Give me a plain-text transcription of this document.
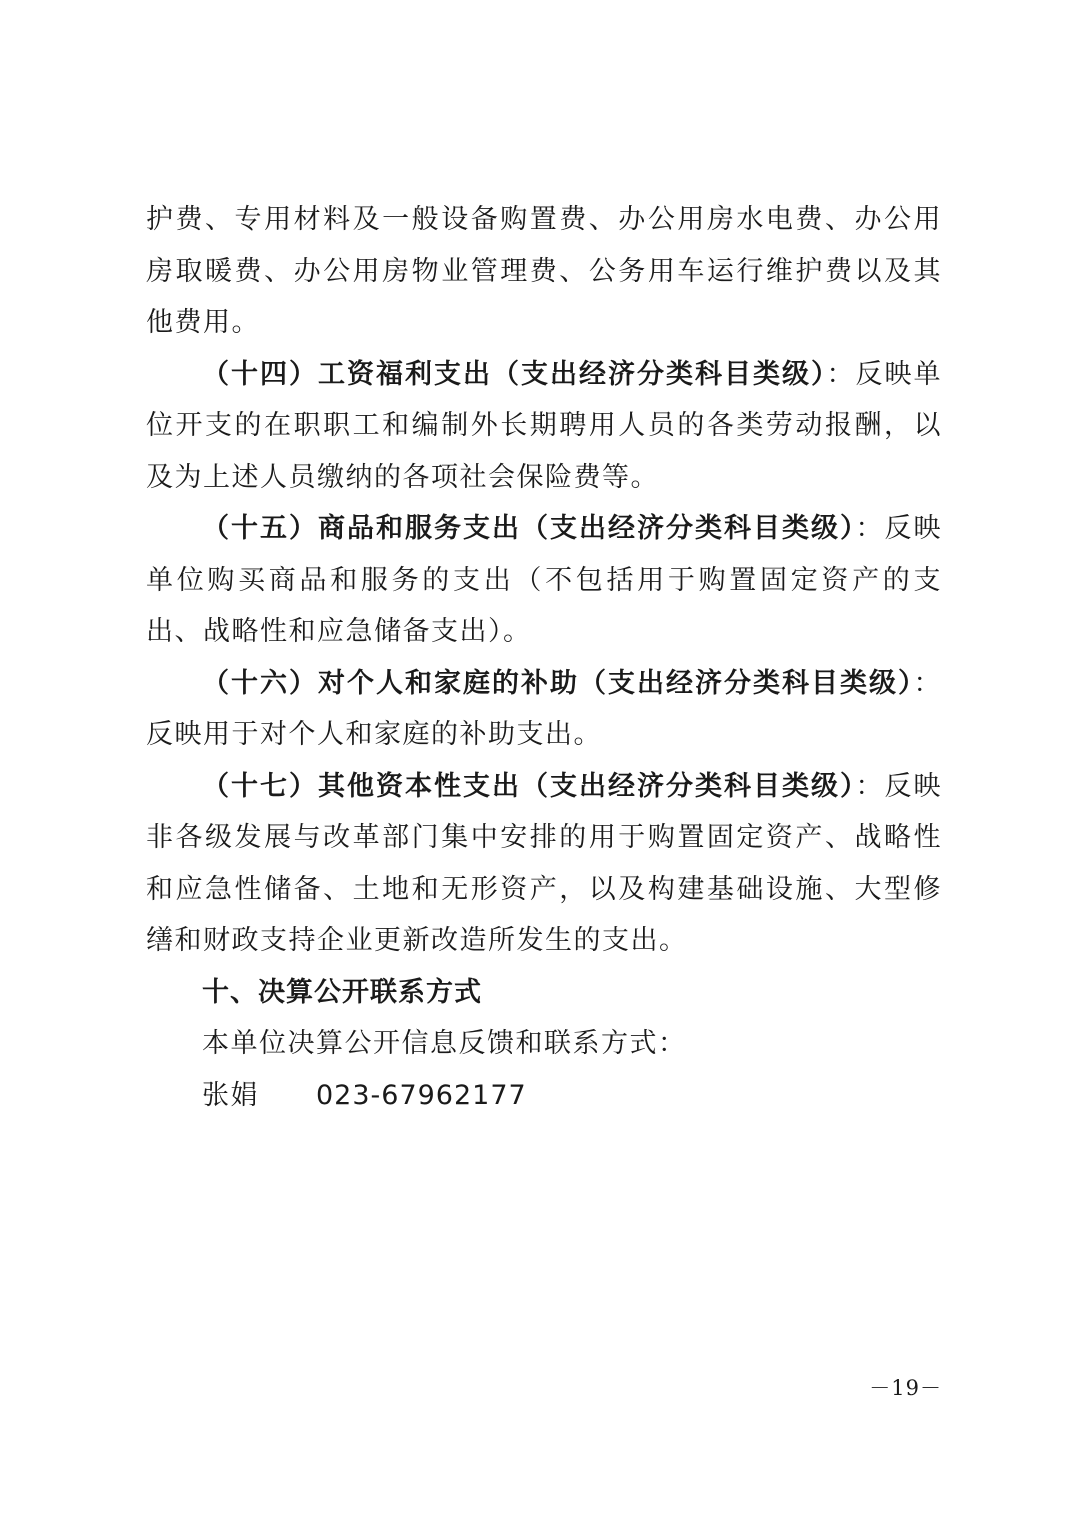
护费、专用材料及一般设备购置费、办公用房水电费、办公用房取暖费、办公用房物业管理费、公务用车运行维护费以及其他费用。

（十四）工资福利支出（支出经济分类科目类级）：反映单位开支的在职职工和编制外长期聘用人员的各类劳动报酬，以及为上述人员缴纳的各项社会保险费等。

（十五）商品和服务支出（支出经济分类科目类级）：反映单位购买商品和服务的支出（不包括用于购置固定资产的支出、战略性和应急储备支出）。

（十六）对个人和家庭的补助（支出经济分类科目类级）：反映用于对个人和家庭的补助支出。

（十七）其他资本性支出（支出经济分类科目类级）：反映非各级发展与改革部门集中安排的用于购置固定资产、战略性和应急性储备、土地和无形资产，以及构建基础设施、大型修缮和财政支持企业更新改造所发生的支出。

十、决算公开联系方式

本单位决算公开信息反馈和联系方式：

张娟 023-67962177

－19－
